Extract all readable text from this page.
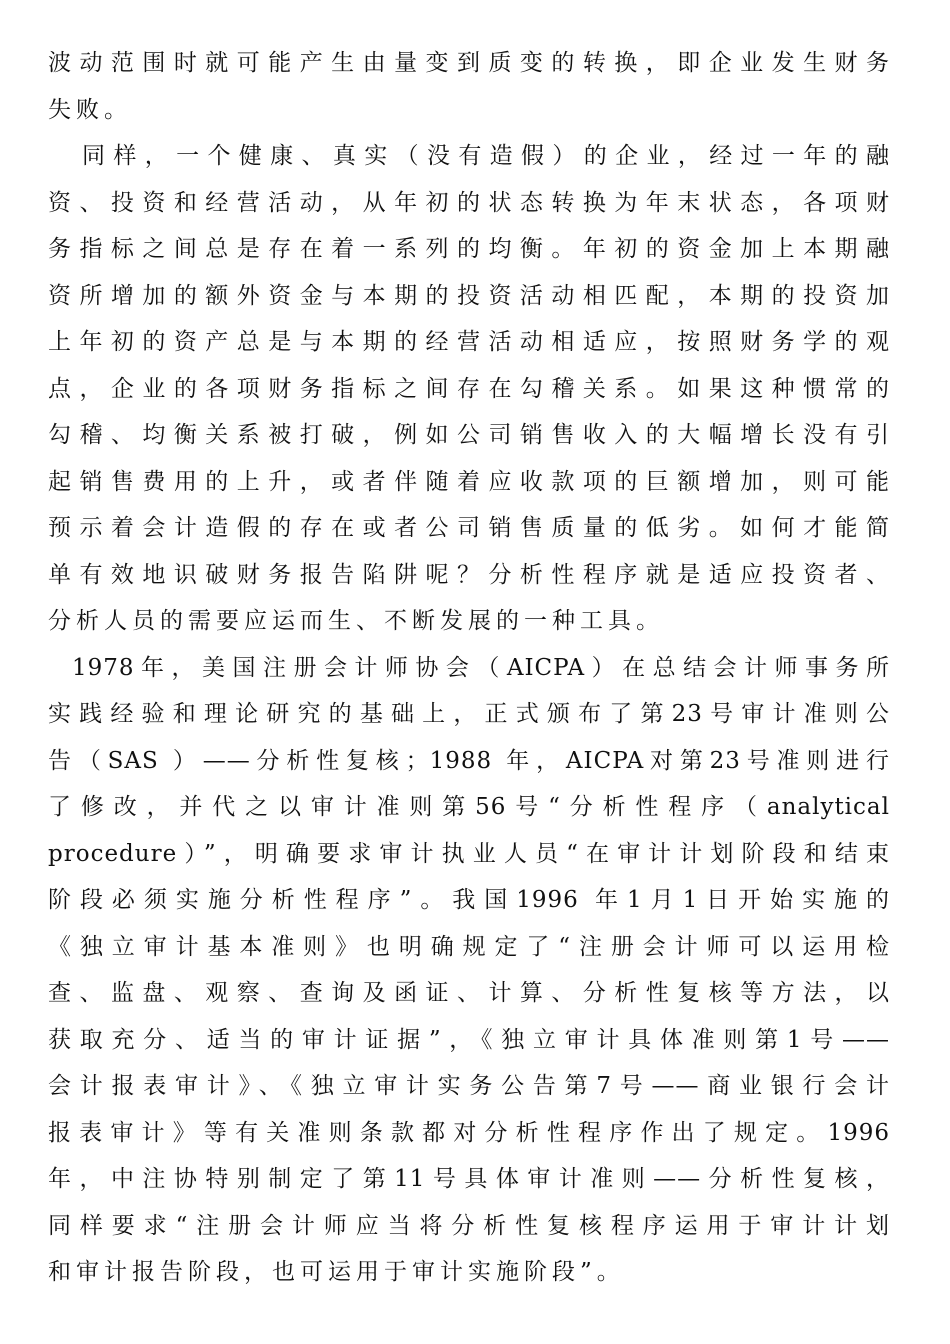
波动范围时就可能产生由量变到质变的转换，即企业发生财务
失败。
同样，一个健康、真实（没有造假）的企业，经过一年的融
资、投资和经营活动，从年初的状态转换为年末状态，各项财
务指标之间总是存在着一系列的均衡。年初的资金加上本期融
资所增加的额外资金与本期的投资活动相匹配，本期的投资加
上年初的资产总是与本期的经营活动相适应，按照财务学的观
点，企业的各项财务指标之间存在勾稽关系。如果这种惯常的
勾稽、均衡关系被打破，例如公司销售收入的大幅增长没有引
起销售费用的上升，或者伴随着应收款项的巨额增加，则可能
预示着会计造假的存在或者公司销售质量的低劣。如何才能简
单有效地识破财务报告陷阱呢？分析性程序就是适应投资者、
分析人员的需要应运而生、不断发展的一种工具。
1978年，美国注册会计师协会（AICPA）在总结会计师事务所
实践经验和理论研究的基础上，正式颁布了第23号审计准则公
告（SAS ）——分析性复核；1988 年，AICPA对第23号准则进行
了修改，并代之以审计准则第56号“分析性程序（analytical
procedure）”，明确要求审计执业人员“在审计计划阶段和结束
阶段必须实施分析性程序”。我国1996 年1月1日开始实施的
《独立审计基本准则》也明确规定了“注册会计师可以运用检
查、监盘、观察、查询及函证、计算、分析性复核等方法，以
获取充分、适当的审计证据”，《独立审计具体准则第1号——
会计报表审计》、《独立审计实务公告第7号——商业银行会计
报表审计》等有关准则条款都对分析性程序作出了规定。1996
年，中注协特别制定了第11号具体审计准则——分析性复核，
同样要求“注册会计师应当将分析性复核程序运用于审计计划
和审计报告阶段，也可运用于审计实施阶段”。
